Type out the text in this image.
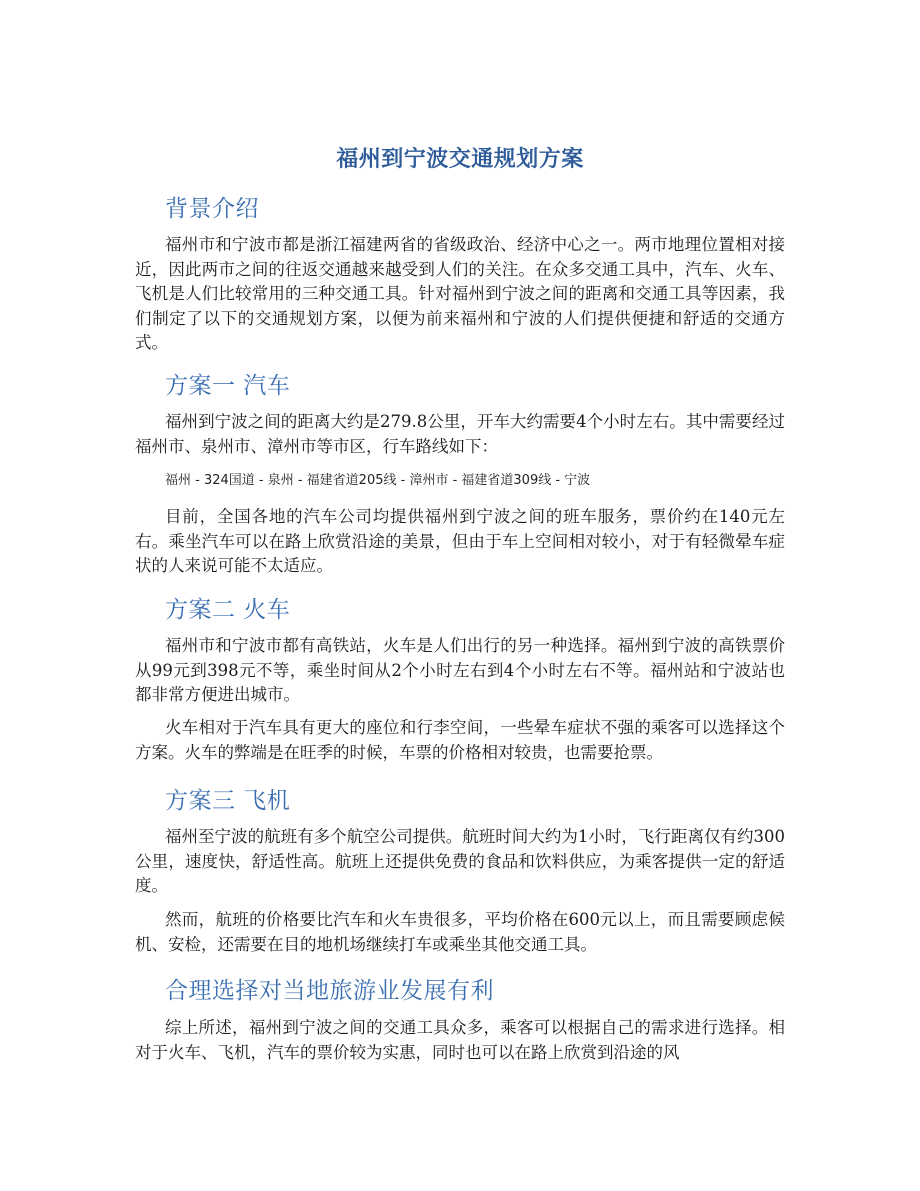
福州到宁波交通规划方案
背景介绍

福州市和宁波市都是浙江福建两省的省级政治、经济中心之一。两市地理位置相对接近，因此两市之间的往返交通越来越受到人们的关注。在众多交通工具中，汽车、火车、飞机是人们比较常用的三种交通工具。针对福州到宁波之间的距离和交通工具等因素，我们制定了以下的交通规划方案，以便为前来福州和宁波的人们提供便捷和舒适的交通方式。

方案一 汽车

福州到宁波之间的距离大约是279.8公里，开车大约需要4个小时左右。其中需要经过福州市、泉州市、漳州市等市区，行车路线如下：

福州 - 324国道 - 泉州 - 福建省道205线 - 漳州市 - 福建省道309线 - 宁波

目前，全国各地的汽车公司均提供福州到宁波之间的班车服务，票价约在140元左右。乘坐汽车可以在路上欣赏沿途的美景，但由于车上空间相对较小，对于有轻微晕车症状的人来说可能不太适应。

方案二 火车

福州市和宁波市都有高铁站，火车是人们出行的另一种选择。福州到宁波的高铁票价从99元到398元不等，乘坐时间从2个小时左右到4个小时左右不等。福州站和宁波站也都非常方便进出城市。

火车相对于汽车具有更大的座位和行李空间，一些晕车症状不强的乘客可以选择这个方案。火车的弊端是在旺季的时候，车票的价格相对较贵，也需要抢票。

方案三 飞机

福州至宁波的航班有多个航空公司提供。航班时间大约为1小时，飞行距离仅有约300公里，速度快，舒适性高。航班上还提供免费的食品和饮料供应，为乘客提供一定的舒适度。

然而，航班的价格要比汽车和火车贵很多，平均价格在600元以上，而且需要顾虑候机、安检，还需要在目的地机场继续打车或乘坐其他交通工具。

合理选择对当地旅游业发展有利

综上所述，福州到宁波之间的交通工具众多，乘客可以根据自己的需求进行选择。相对于火车、飞机，汽车的票价较为实惠，同时也可以在路上欣赏到沿途的风
